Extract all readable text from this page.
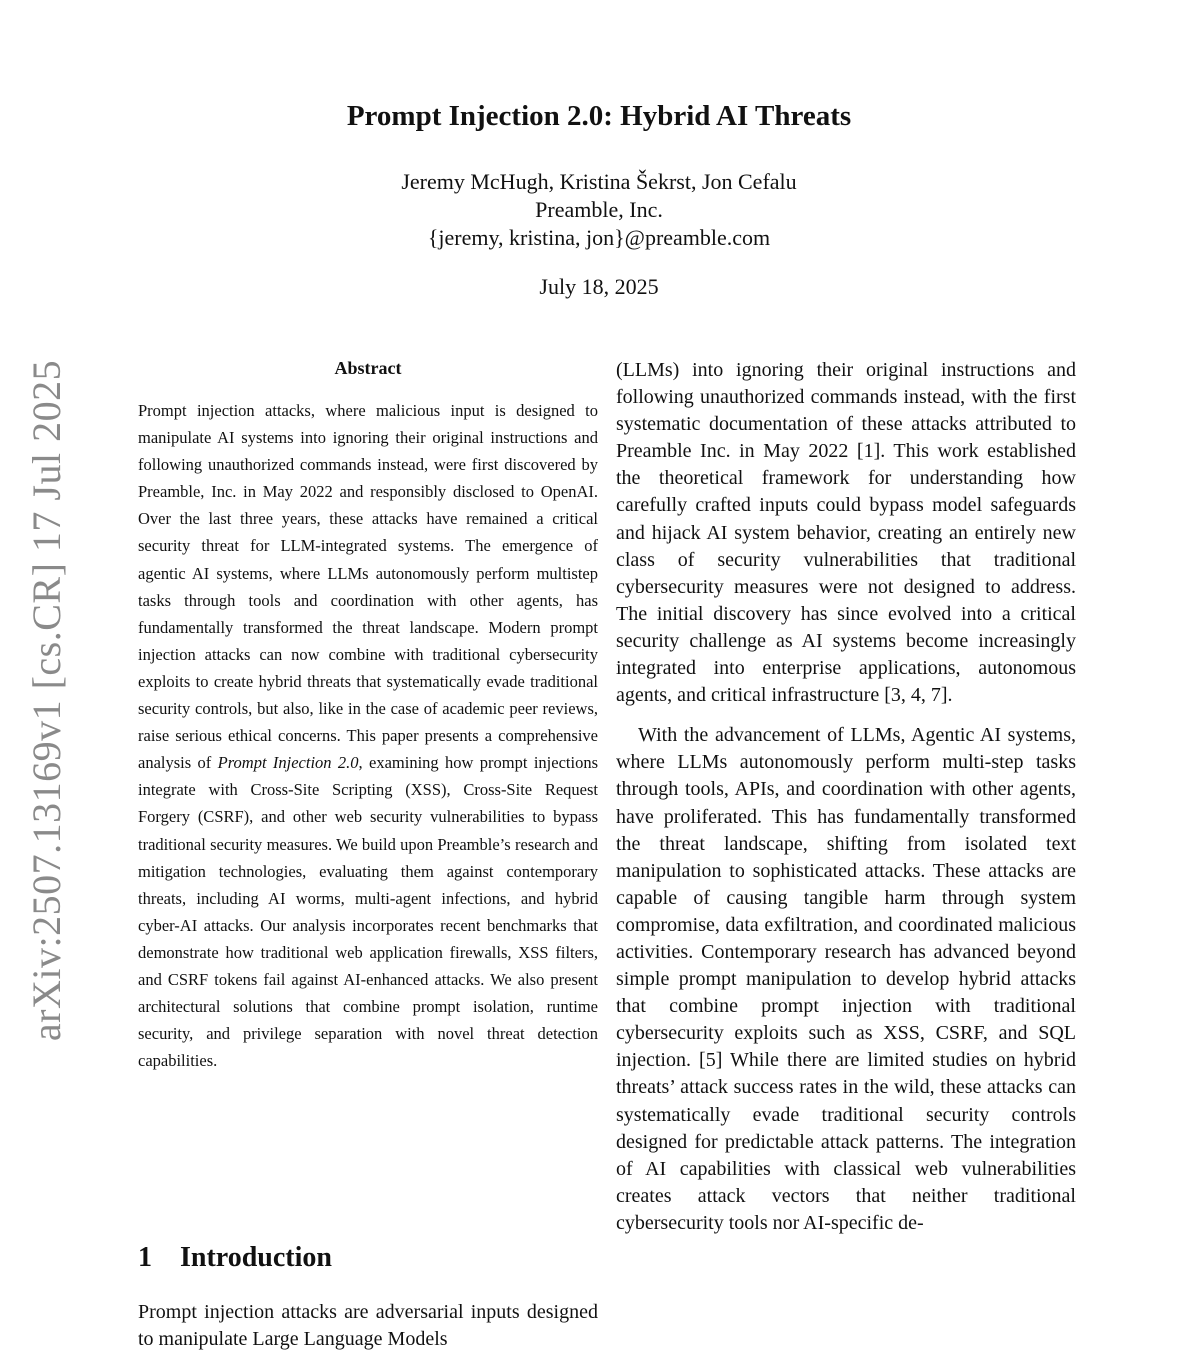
arXiv:2507.13169v1 [cs.CR] 17 Jul 2025
Prompt Injection 2.0: Hybrid AI Threats
Jeremy McHugh, Kristina Šekrst, Jon Cefalu
Preamble, Inc.
{jeremy, kristina, jon}@preamble.com
July 18, 2025
Abstract

Prompt injection attacks, where malicious input is designed to manipulate AI systems into ignoring their original instructions and following unauthorized commands instead, were first discovered by Preamble, Inc. in May 2022 and responsibly disclosed to OpenAI. Over the last three years, these attacks have remained a critical security threat for LLM-integrated systems. The emergence of agentic AI systems, where LLMs autonomously perform multistep tasks through tools and coordination with other agents, has fundamentally transformed the threat landscape. Modern prompt injection attacks can now combine with traditional cybersecurity exploits to create hybrid threats that systematically evade traditional security controls, but also, like in the case of academic peer reviews, raise serious ethical concerns. This paper presents a comprehensive analysis of Prompt Injection 2.0, examining how prompt injections integrate with Cross-Site Scripting (XSS), Cross-Site Request Forgery (CSRF), and other web security vulnerabilities to bypass traditional security measures. We build upon Preamble’s research and mitigation technologies, evaluating them against contemporary threats, including AI worms, multi-agent infections, and hybrid cyber-AI attacks. Our analysis incorporates recent benchmarks that demonstrate how traditional web application firewalls, XSS filters, and CSRF tokens fail against AI-enhanced attacks. We also present architectural solutions that combine prompt isolation, runtime security, and privilege separation with novel threat detection capabilities.

1 Introduction

Prompt injection attacks are adversarial inputs designed to manipulate Large Language Models

(LLMs) into ignoring their original instructions and following unauthorized commands instead, with the first systematic documentation of these attacks attributed to Preamble Inc. in May 2022 [1]. This work established the theoretical framework for understanding how carefully crafted inputs could bypass model safeguards and hijack AI system behavior, creating an entirely new class of security vulnerabilities that traditional cybersecurity measures were not designed to address. The initial discovery has since evolved into a critical security challenge as AI systems become increasingly integrated into enterprise applications, autonomous agents, and critical infrastructure [3, 4, 7].

With the advancement of LLMs, Agentic AI systems, where LLMs autonomously perform multi-step tasks through tools, APIs, and coordination with other agents, have proliferated. This has fundamentally transformed the threat landscape, shifting from isolated text manipulation to sophisticated attacks. These attacks are capable of causing tangible harm through system compromise, data exfiltration, and coordinated malicious activities. Contemporary research has advanced beyond simple prompt manipulation to develop hybrid attacks that combine prompt injection with traditional cybersecurity exploits such as XSS, CSRF, and SQL injection. [5] While there are limited studies on hybrid threats’ attack success rates in the wild, these attacks can systematically evade traditional security controls designed for predictable attack patterns. The integration of AI capabilities with classical web vulnerabilities creates attack vectors that neither traditional cybersecurity tools nor AI-specific de-
